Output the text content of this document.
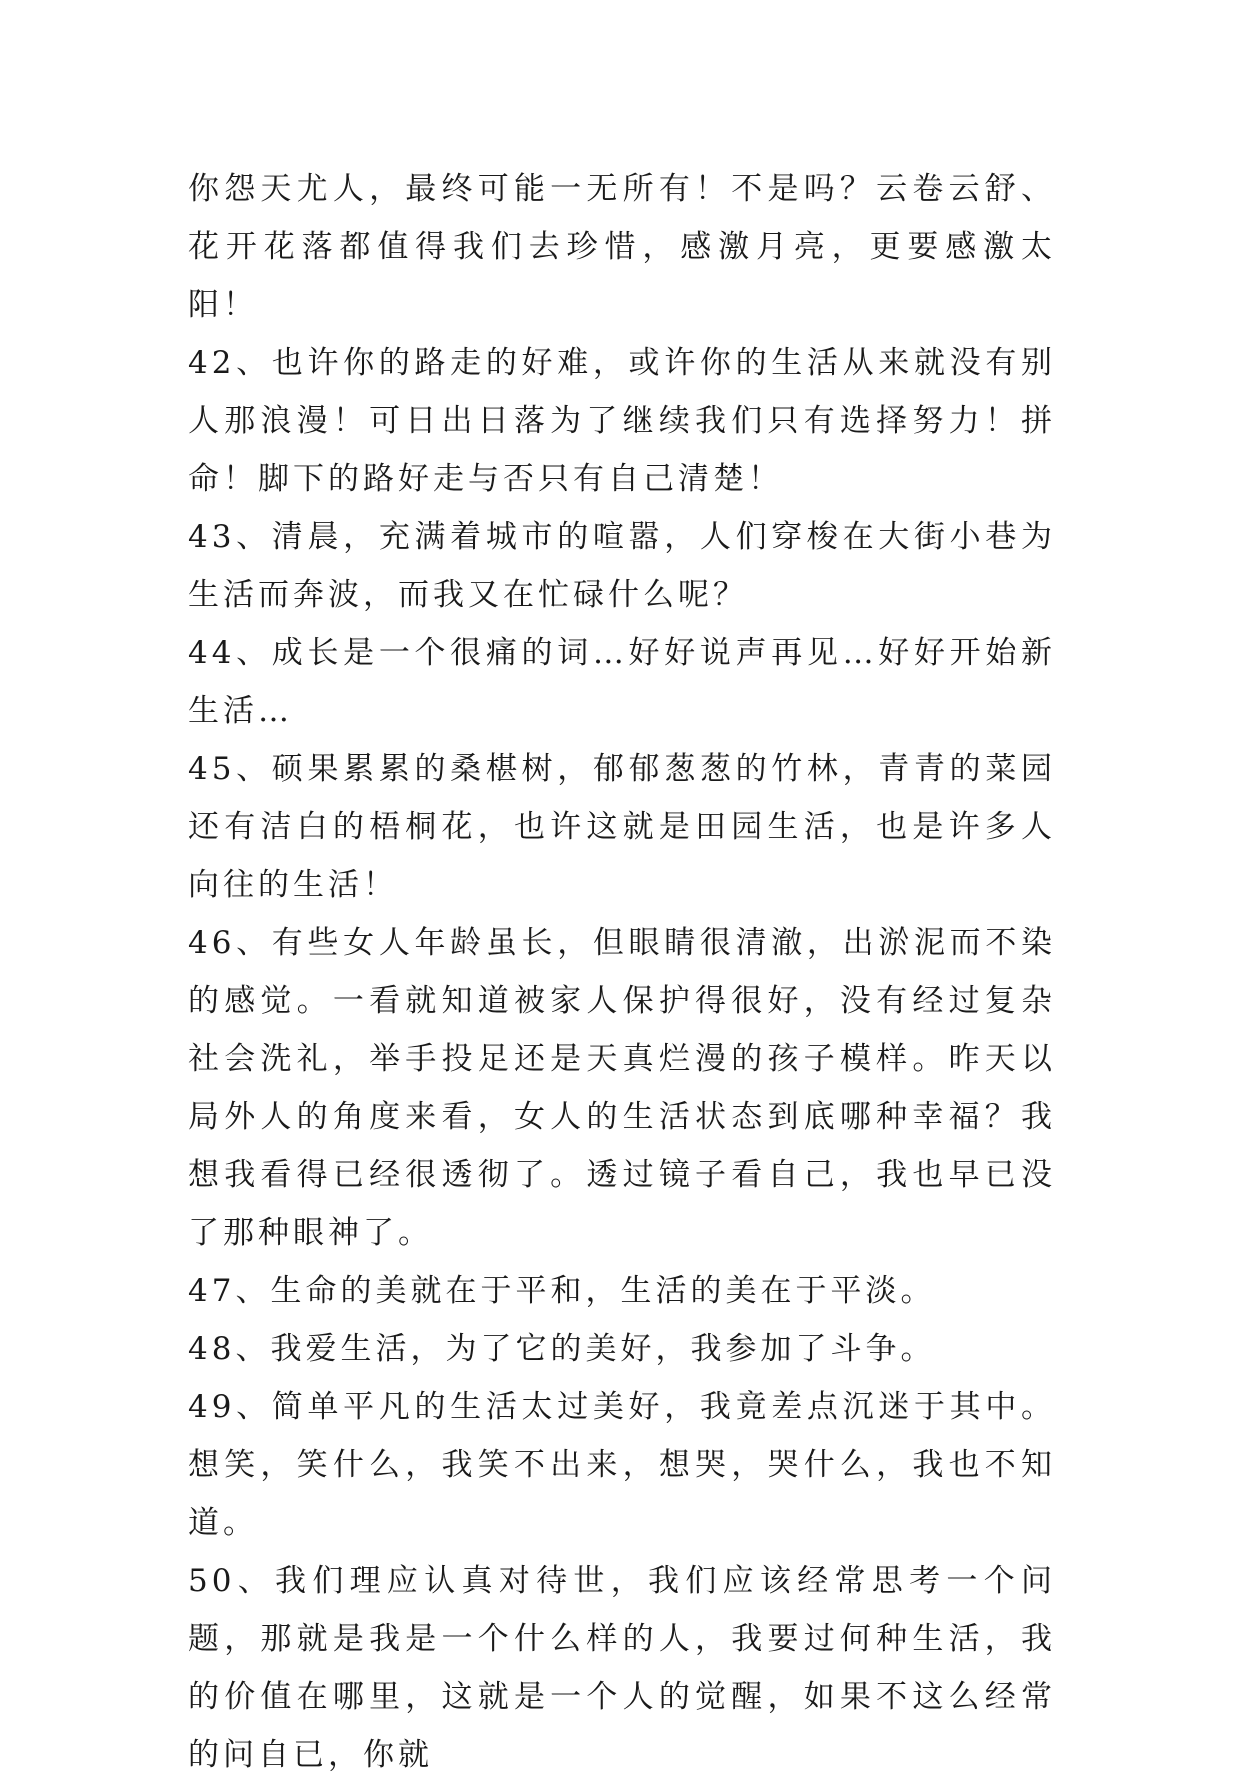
你怨天尤人，最终可能一无所有！不是吗？云卷云舒、花开花落都值得我们去珍惜，感激月亮，更要感激太阳！

42、也许你的路走的好难，或许你的生活从来就没有别人那浪漫！可日出日落为了继续我们只有选择努力！拼命！脚下的路好走与否只有自己清楚！

43、清晨，充满着城市的喧嚣，人们穿梭在大街小巷为生活而奔波，而我又在忙碌什么呢？

44、成长是一个很痛的词…好好说声再见…好好开始新生活…

45、硕果累累的桑椹树，郁郁葱葱的竹林，青青的菜园还有洁白的梧桐花，也许这就是田园生活，也是许多人向往的生活！

46、有些女人年龄虽长，但眼睛很清澈，出淤泥而不染的感觉。一看就知道被家人保护得很好，没有经过复杂社会洗礼，举手投足还是天真烂漫的孩子模样。昨天以局外人的角度来看，女人的生活状态到底哪种幸福？我想我看得已经很透彻了。透过镜子看自己，我也早已没了那种眼神了。

47、生命的美就在于平和，生活的美在于平淡。

48、我爱生活，为了它的美好，我参加了斗争。

49、简单平凡的生活太过美好，我竟差点沉迷于其中。想笑，笑什么，我笑不出来，想哭，哭什么，我也不知道。

50、我们理应认真对待世，我们应该经常思考一个问题，那就是我是一个什么样的人，我要过何种生活，我的价值在哪里，这就是一个人的觉醒，如果不这么经常的问自已，你就
